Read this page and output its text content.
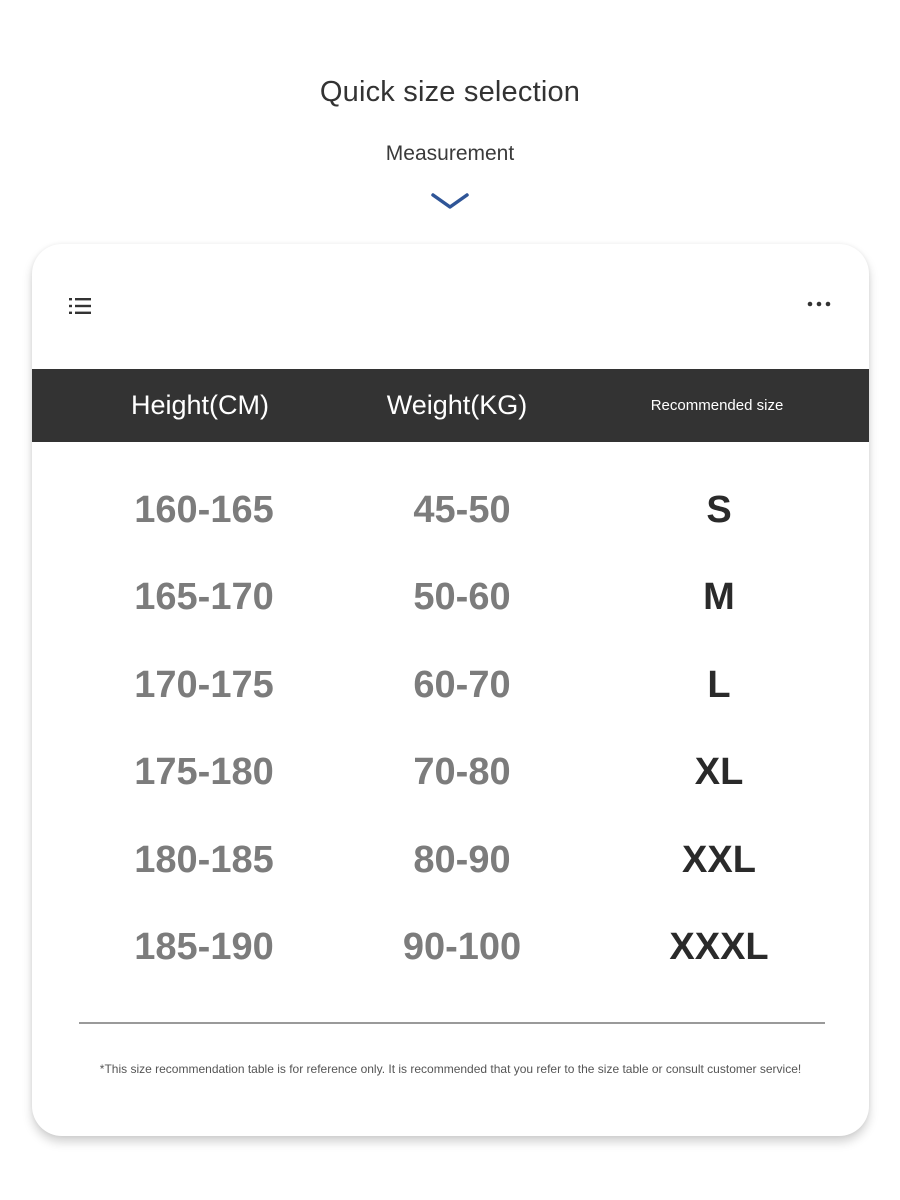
Quick size selection
Measurement
Height(CM)	Weight(KG)	Recommended size
160-165	45-50	S
165-170	50-60	M
170-175	60-70	L
175-180	70-80	XL
180-185	80-90	XXL
185-190	90-100	XXXL
*This size recommendation table is for reference only. It is recommended that you refer to the size table or consult customer service!
